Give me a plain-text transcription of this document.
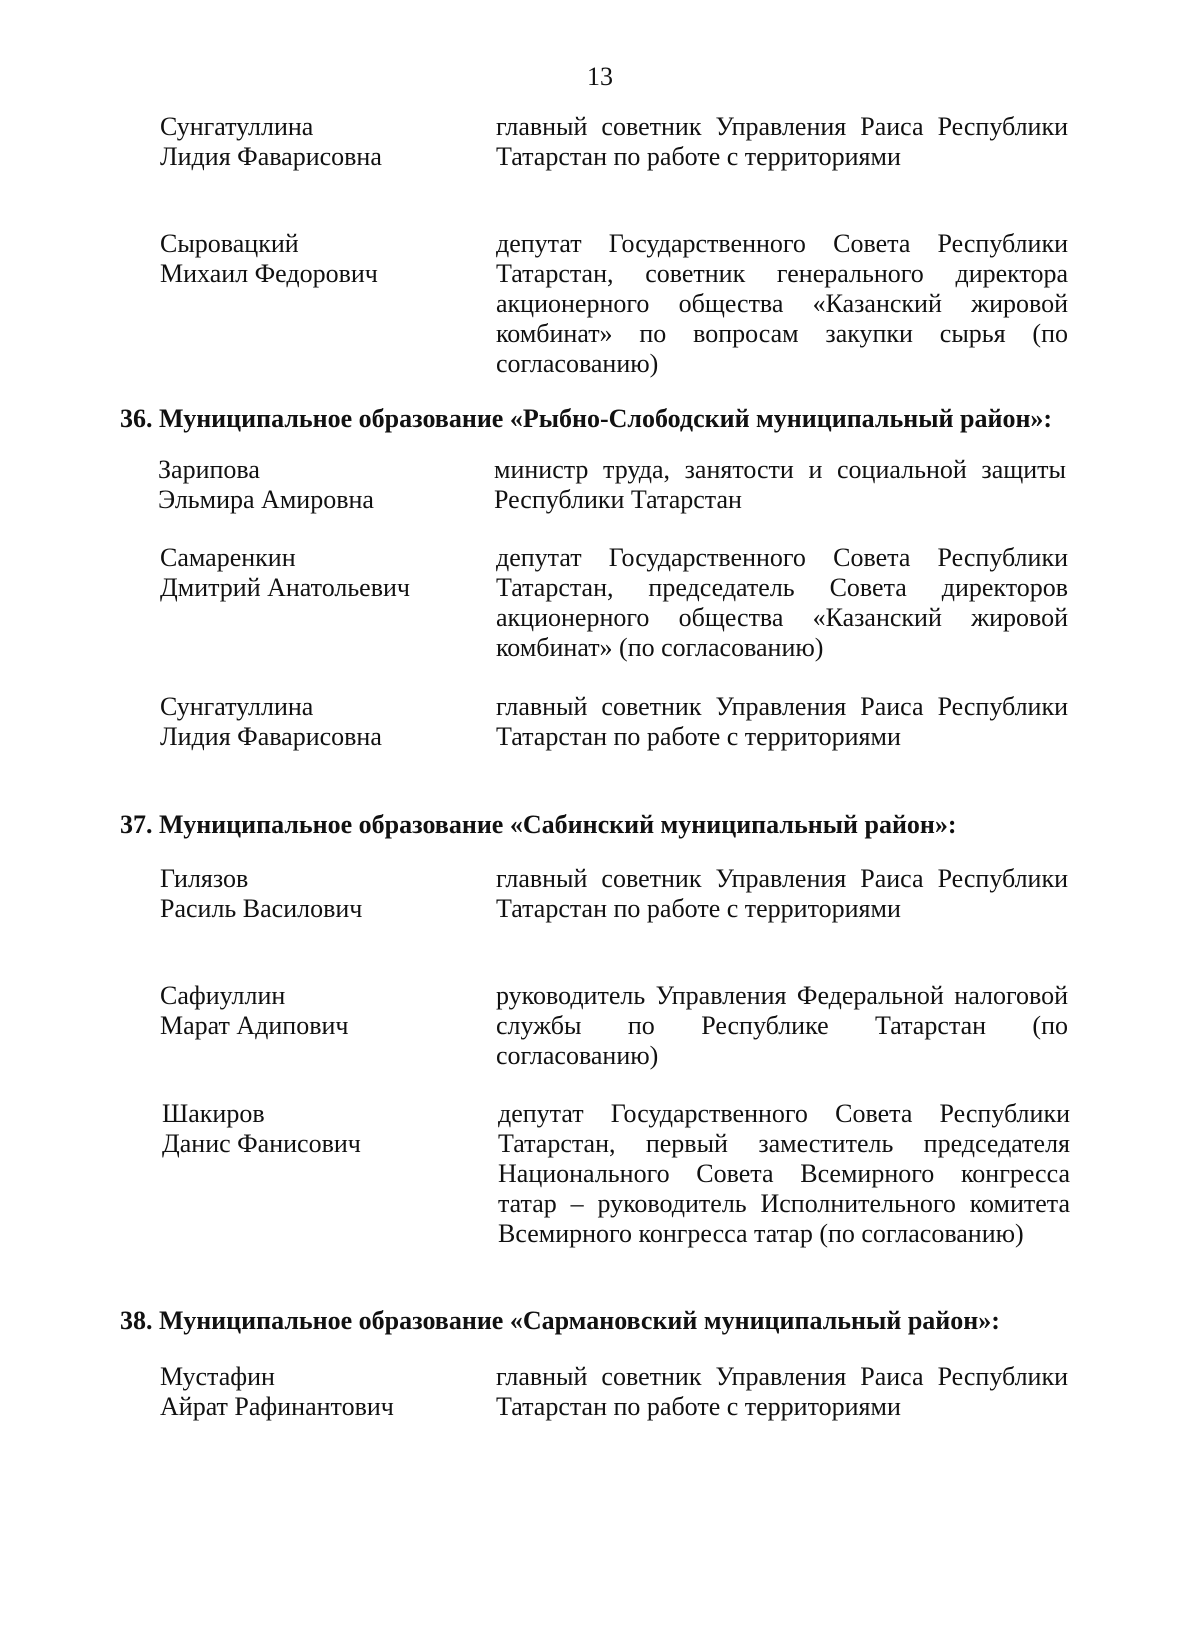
13
Сунгатуллина
Лидия Фаварисовна
главный советник Управления Раиса Республики Татарстан по работе с территориями
Сыровацкий
Михаил Федорович
депутат Государственного Совета Республики Татарстан, советник генерального директора акционерного общества «Казанский жировой комбинат» по вопросам закупки сырья (по согласованию)
36. Муниципальное образование «Рыбно-Слободский муниципальный район»:
Зарипова
Эльмира Амировна
министр труда, занятости и социальной защиты Республики Татарстан
Самаренкин
Дмитрий Анатольевич
депутат Государственного Совета Республики Татарстан, председатель Совета директоров акционерного общества «Казанский жировой комбинат» (по согласованию)
Сунгатуллина
Лидия Фаварисовна
главный советник Управления Раиса Республики Татарстан по работе с территориями
37. Муниципальное образование «Сабинский муниципальный район»:
Гилязов
Расиль Василович
главный советник Управления Раиса Республики Татарстан по работе с территориями
Сафиуллин
Марат Адипович
руководитель Управления Федеральной налоговой службы по Республике Татарстан (по согласованию)
Шакиров
Данис Фанисович
депутат Государственного Совета Республики Татарстан, первый заместитель председателя Национального Совета Всемирного конгресса татар – руководитель Исполнительного комитета Всемирного конгресса татар (по согласованию)
38. Муниципальное образование «Сармановский муниципальный район»:
Мустафин
Айрат Рафинантович
главный советник Управления Раиса Республики Татарстан по работе с территориями
